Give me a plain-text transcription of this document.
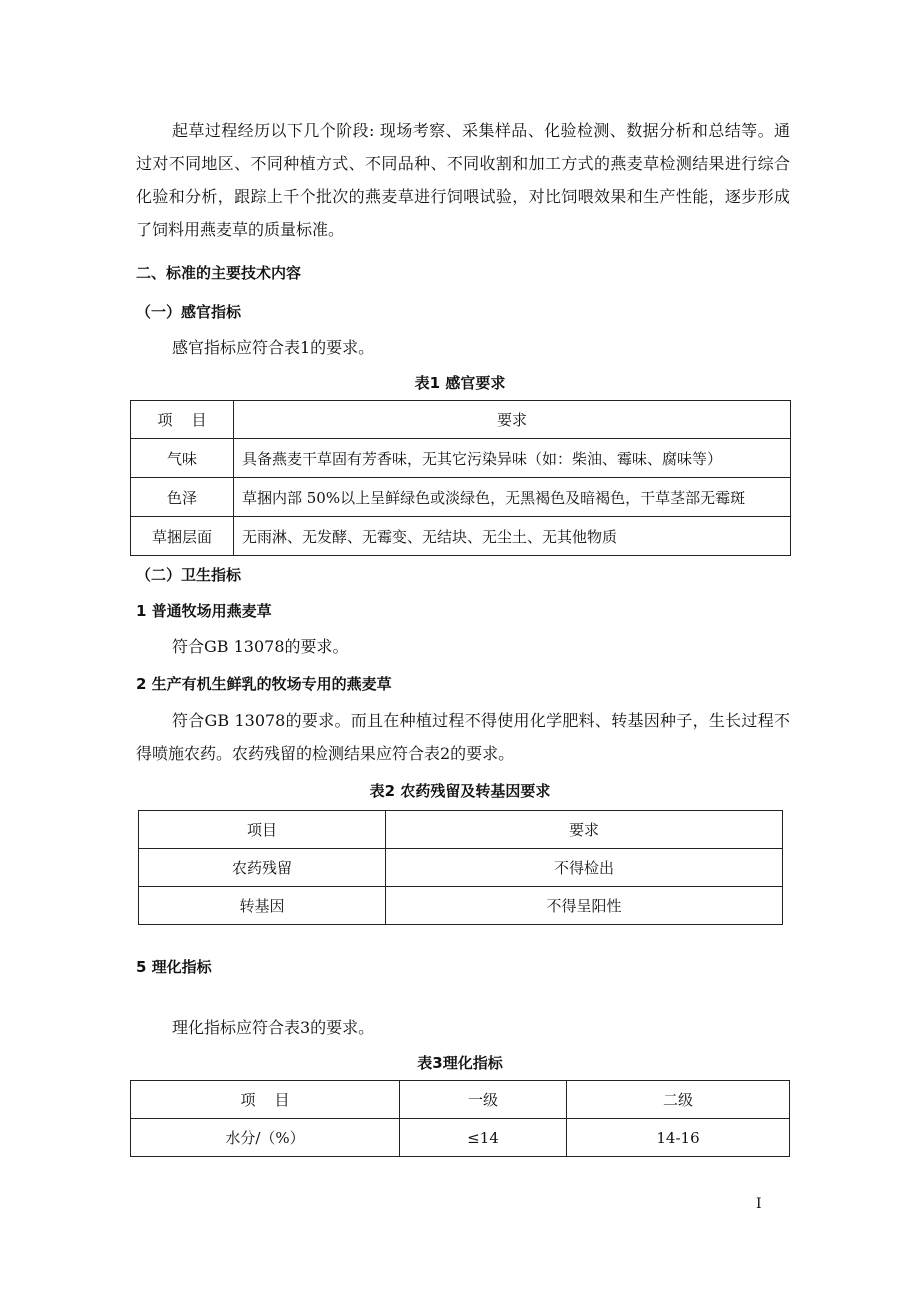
起草过程经历以下几个阶段: 现场考察、采集样品、化验检测、数据分析和总结等。通过对不同地区、不同种植方式、不同品种、不同收割和加工方式的燕麦草检测结果进行综合化验和分析，跟踪上千个批次的燕麦草进行饲喂试验，对比饲喂效果和生产性能，逐步形成了饲料用燕麦草的质量标准。

二、标准的主要技术内容

（一）感官指标

感官指标应符合表1的要求。

表1 感官要求

项    目	要求
气味	具备燕麦干草固有芳香味，无其它污染异味（如：柴油、霉味、腐味等）
色泽	草捆内部 50%以上呈鲜绿色或淡绿色，无黑褐色及暗褐色，干草茎部无霉斑
草捆层面	无雨淋、无发酵、无霉变、无结块、无尘土、无其他物质

（二）卫生指标

1 普通牧场用燕麦草

符合GB 13078的要求。

2 生产有机生鲜乳的牧场专用的燕麦草

符合GB 13078的要求。而且在种植过程不得使用化学肥料、转基因种子，生长过程不得喷施农药。农药残留的检测结果应符合表2的要求。

表2 农药残留及转基因要求

项目	要求
农药残留	不得检出
转基因	不得呈阳性

5 理化指标

理化指标应符合表3的要求。

表3理化指标

项    目	一级	二级
水分/（%）	≤14	14-16

I
